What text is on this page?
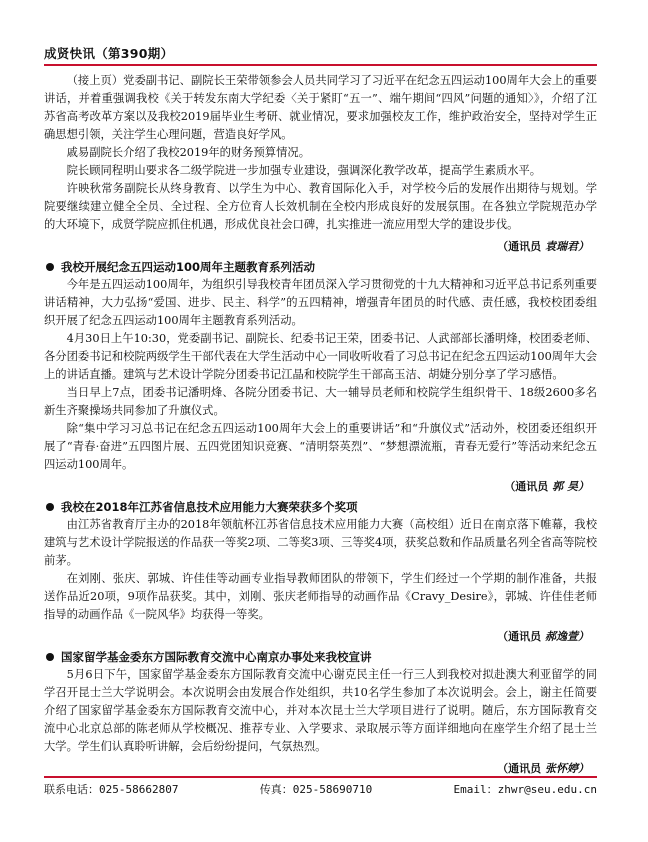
成贤快讯（第390期）

（接上页）党委副书记、副院长王荣带领参会人员共同学习了习近平在纪念五四运动100周年大会上的重要讲话，并着重强调我校《关于转发东南大学纪委〈关于紧盯“五一”、端午期间“四风”问题的通知〉》，介绍了江苏省高考改革方案以及我校2019届毕业生考研、就业情况，要求加强校友工作，维护政治安全，坚持对学生正确思想引领，关注学生心理问题，营造良好学风。

戚易副院长介绍了我校2019年的财务预算情况。

院长顾同程明山要求各二级学院进一步加强专业建设，强调深化教学改革，提高学生素质水平。

许映秋常务副院长从终身教育、以学生为中心、教育国际化入手，对学校今后的发展作出期待与规划。学院要继续建立健全全员、全过程、全方位育人长效机制在全校内形成良好的发展氛围。在各独立学院规范办学的大环境下，成贤学院应抓住机遇，形成优良社会口碑，扎实推进一流应用型大学的建设步伐。

（通讯员 袁瑞君）
我校开展纪念五四运动100周年主题教育系列活动

今年是五四运动100周年，为组织引导我校青年团员深入学习贯彻党的十九大精神和习近平总书记系列重要讲话精神，大力弘扬“爱国、进步、民主、科学”的五四精神，增强青年团员的时代感、责任感，我校校团委组织开展了纪念五四运动100周年主题教育系列活动。

4月30日上午10:30，党委副书记、副院长、纪委书记王荣，团委书记、人武部部长潘明烽，校团委老师、各分团委书记和校院两级学生干部代表在大学生活动中心一同收听收看了习总书记在纪念五四运动100周年大会上的讲话直播。建筑与艺术设计学院分团委书记江晶和校院学生干部高玉洁、胡婕分别分享了学习感悟。

当日早上7点，团委书记潘明烽、各院分团委书记、大一辅导员老师和校院学生组织骨干、18级2600多名新生齐聚操场共同参加了升旗仪式。

除“集中学习习总书记在纪念五四运动100周年大会上的重要讲话”和“升旗仪式”活动外，校团委还组织开展了“青春·奋进”五四图片展、五四党团知识竞赛、“清明祭英烈”、“梦想漂流瓶，青春无爱行”等活动来纪念五四运动100周年。

（通讯员 郭 昊）
我校在2018年江苏省信息技术应用能力大赛荣获多个奖项

由江苏省教育厅主办的2018年领航杯江苏省信息技术应用能力大赛（高校组）近日在南京落下帷幕，我校建筑与艺术设计学院报送的作品获一等奖2项、二等奖3项、三等奖4项，获奖总数和作品质量名列全省高等院校前茅。

在刘刚、张庆、郭城、许佳佳等动画专业指导教师团队的带领下，学生们经过一个学期的制作准备，共报送作品近20项，9项作品获奖。其中，刘刚、张庆老师指导的动画作品《Cravy_Desire》，郭城、许佳佳老师指导的动画作品《一院风华》均获得一等奖。

（通讯员 郝逸萱）
国家留学基金委东方国际教育交流中心南京办事处来我校宣讲

5月6日下午，国家留学基金委东方国际教育交流中心谢克民主任一行三人到我校对拟赴澳大利亚留学的同学召开昆士兰大学说明会。本次说明会由发展合作处组织，共10名学生参加了本次说明会。会上，谢主任简要介绍了国家留学基金委东方国际教育交流中心，并对本次昆士兰大学项目进行了说明。随后，东方国际教育交流中心北京总部的陈老师从学校概况、推荐专业、入学要求、录取展示等方面详细地向在座学生介绍了昆士兰大学。学生们认真聆听讲解，会后纷纷提问，气氛热烈。

（通讯员 张怀婷）
联系电话：025-58662807	传真：025-58690710	Email：zhwr@seu.edu.cn
